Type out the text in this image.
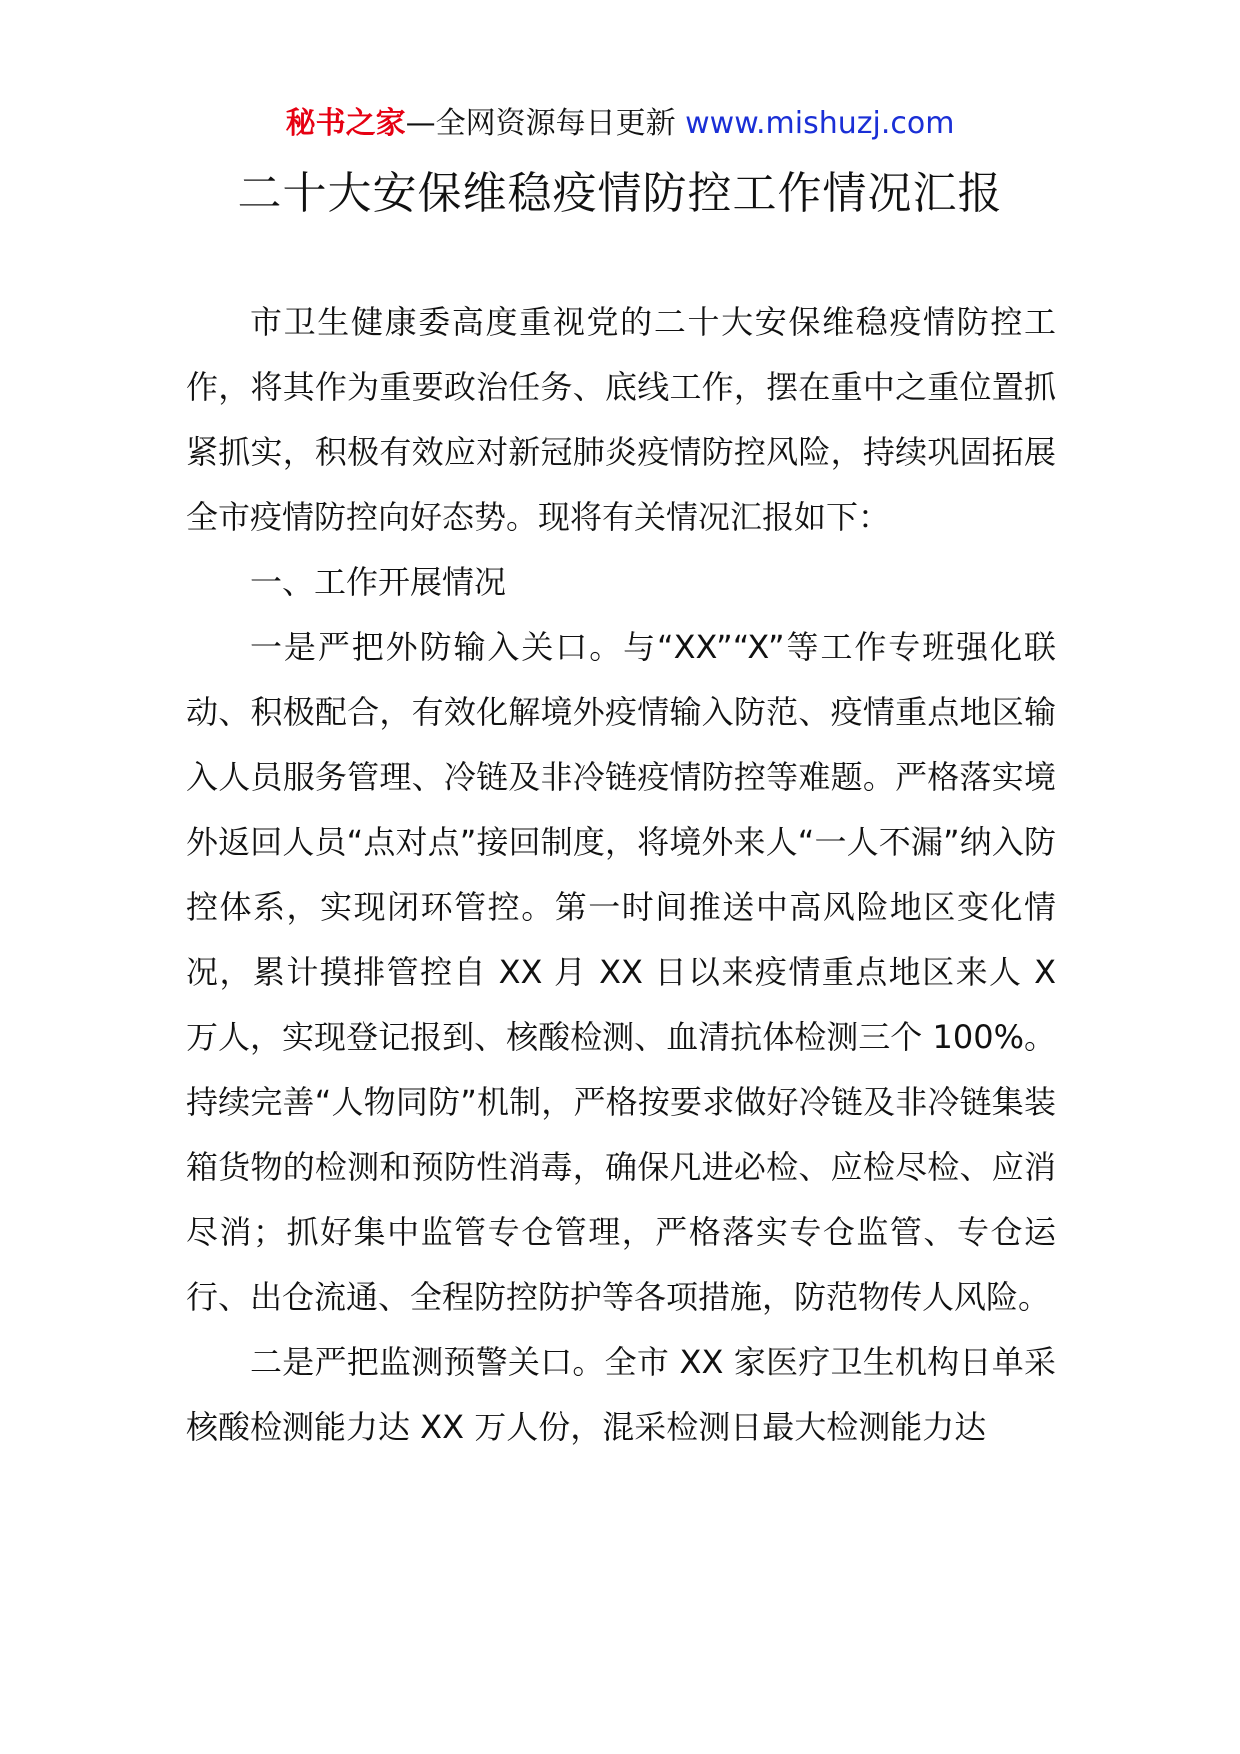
秘书之家—全网资源每日更新 www.mishuzj.com
二十大安保维稳疫情防控工作情况汇报

市卫生健康委高度重视党的二十大安保维稳疫情防控工作，将其作为重要政治任务、底线工作，摆在重中之重位置抓紧抓实，积极有效应对新冠肺炎疫情防控风险，持续巩固拓展全市疫情防控向好态势。现将有关情况汇报如下：

一、工作开展情况

一是严把外防输入关口。与“XX”“X”等工作专班强化联动、积极配合，有效化解境外疫情输入防范、疫情重点地区输入人员服务管理、冷链及非冷链疫情防控等难题。严格落实境外返回人员“点对点”接回制度，将境外来人“一人不漏”纳入防控体系，实现闭环管控。第一时间推送中高风险地区变化情况，累计摸排管控自 XX 月 XX 日以来疫情重点地区来人 X 万人，实现登记报到、核酸检测、血清抗体检测三个 100%。持续完善“人物同防”机制，严格按要求做好冷链及非冷链集装箱货物的检测和预防性消毒，确保凡进必检、应检尽检、应消尽消；抓好集中监管专仓管理，严格落实专仓监管、专仓运行、出仓流通、全程防控防护等各项措施，防范物传人风险。

二是严把监测预警关口。全市 XX 家医疗卫生机构日单采核酸检测能力达 XX 万人份，混采检测日最大检测能力达
